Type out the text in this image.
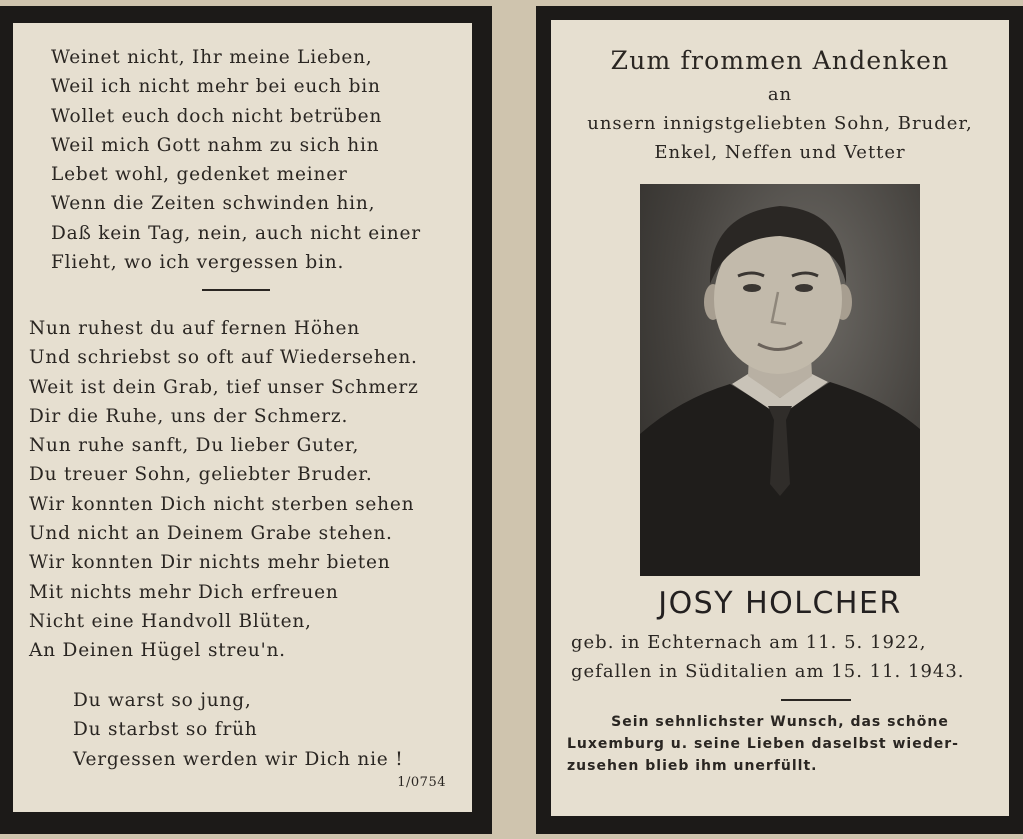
Weinet nicht, Ihr meine Lieben,
Weil ich nicht mehr bei euch bin
Wollet euch doch nicht betrüben
Weil mich Gott nahm zu sich hin
Lebet wohl, gedenket meiner
Wenn die Zeiten schwinden hin,
Daß kein Tag, nein, auch nicht einer
Flieht, wo ich vergessen bin.
Nun ruhest du auf fernen Höhen
Und schriebst so oft auf Wiedersehen.
Weit ist dein Grab, tief unser Schmerz
Dir die Ruhe, uns der Schmerz.
Nun ruhe sanft, Du lieber Guter,
Du treuer Sohn, geliebter Bruder.
Wir konnten Dich nicht sterben sehen
Und nicht an Deinem Grabe stehen.
Wir konnten Dir nichts mehr bieten
Mit nichts mehr Dich erfreuen
Nicht eine Handvoll Blüten,
An Deinen Hügel streu'n.
Du warst so jung,
Du starbst so früh
Vergessen werden wir Dich nie !
1/0754
Zum frommen Andenken
an
unsern innigstgeliebten Sohn, Bruder,
Enkel, Neffen und Vetter
JOSY HOLCHER
geb. in Echternach am 11. 5. 1922,
gefallen in Süditalien am 15. 11. 1943.
Sein sehnlichster Wunsch, das schöne
Luxemburg u. seine Lieben daselbst wieder-
zusehen blieb ihm unerfüllt.
